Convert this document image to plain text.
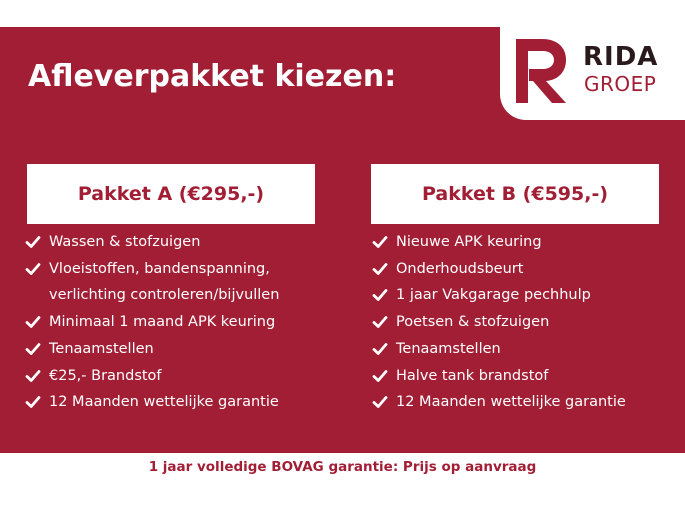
RIDA
GROEP
Afleverpakket kiezen:
Pakket A (€295,-)	Pakket B (€595,-)
Wassen & stofzuigen
Vloeistoffen, bandenspanning,
verlichting controleren/bijvullen
Minimaal 1 maand APK keuring
Tenaamstellen
€25,- Brandstof
12 Maanden wettelijke garantie
Nieuwe APK keuring
Onderhoudsbeurt
1 jaar Vakgarage pechhulp
Poetsen & stofzuigen
Tenaamstellen
Halve tank brandstof
12 Maanden wettelijke garantie
1 jaar volledige BOVAG garantie: Prijs op aanvraag
